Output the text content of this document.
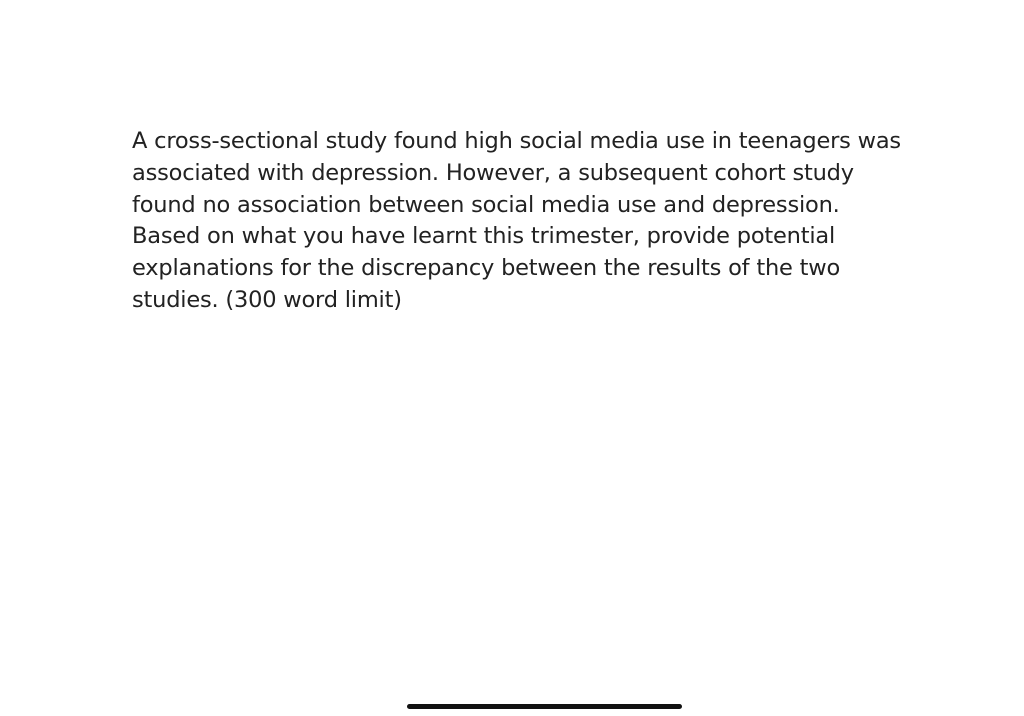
A cross-sectional study found high social media use in teenagers was
associated with depression. However, a subsequent cohort study
found no association between social media use and depression.
Based on what you have learnt this trimester, provide potential
explanations for the discrepancy between the results of the two
studies. (300 word limit)
